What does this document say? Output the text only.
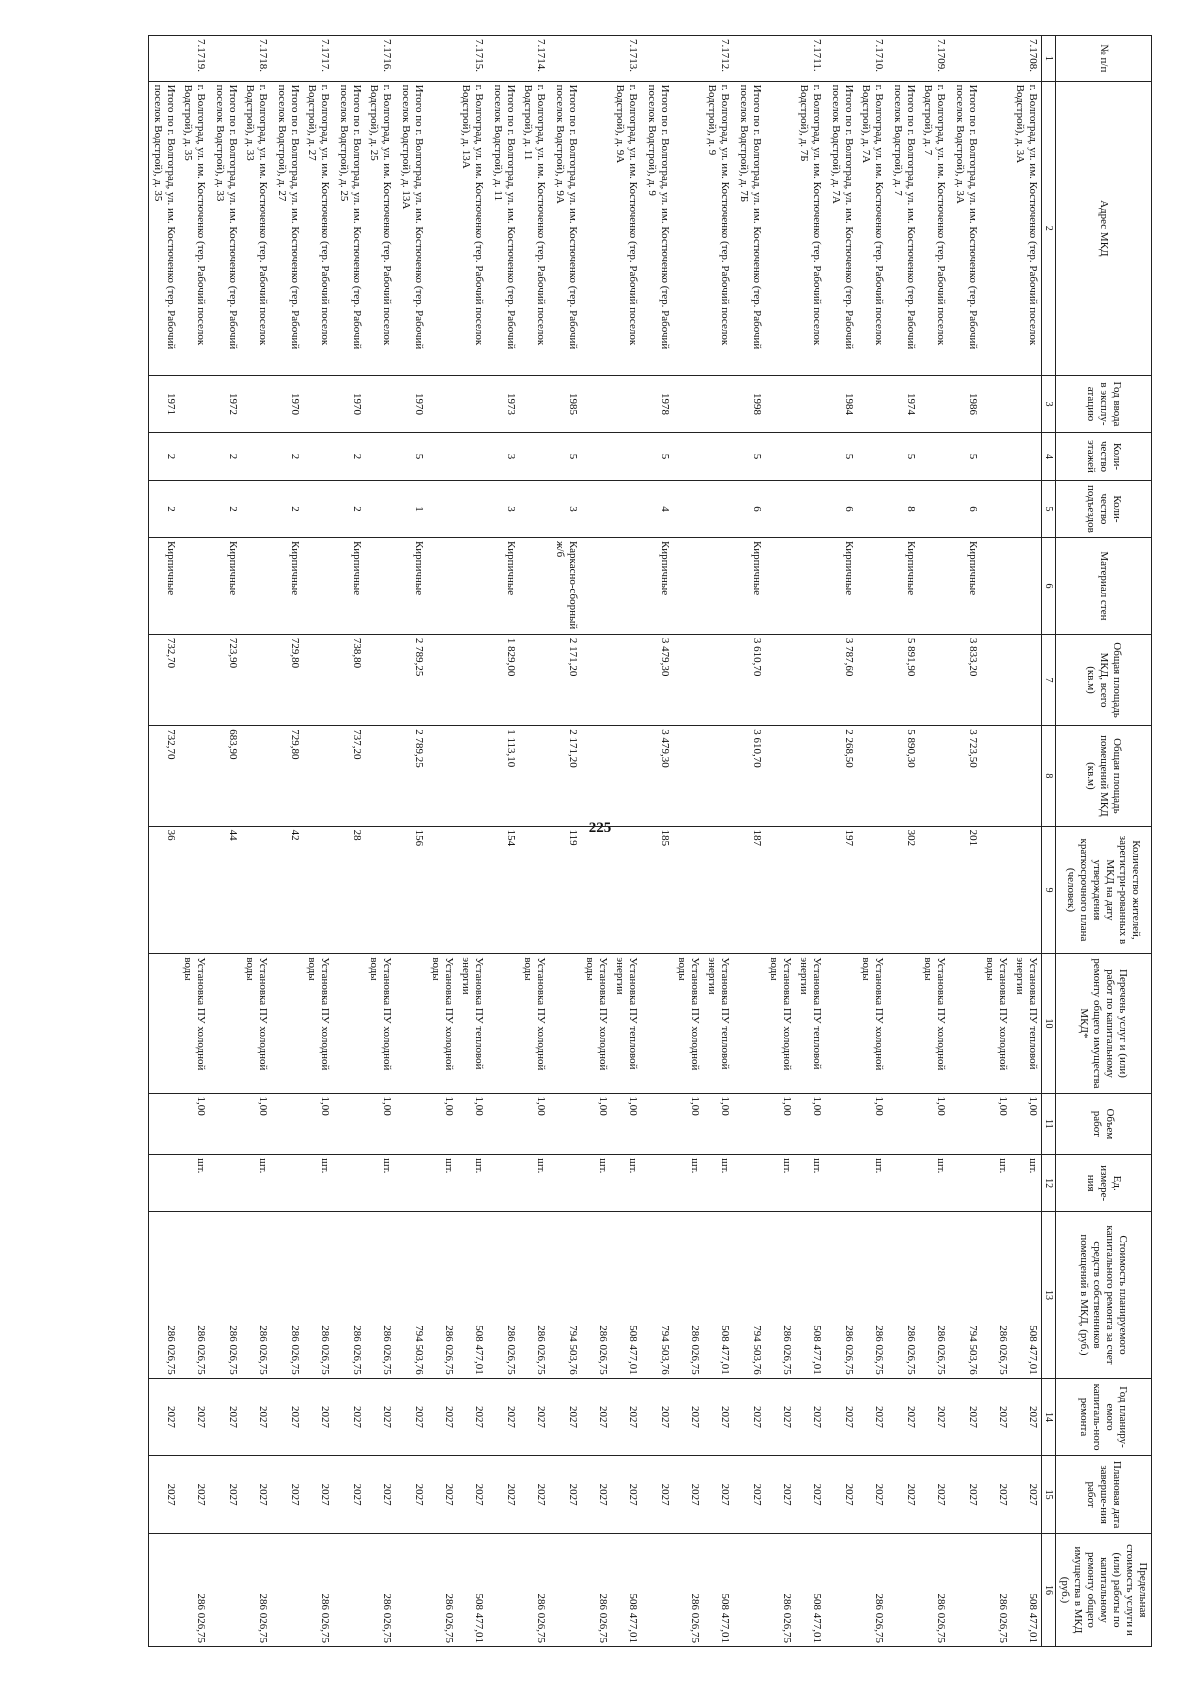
225
№ п/п	Адрес МКД	Год ввода в эксплу-атацию	Коли-чество этажей	Коли-чество подъездов	Материал стен	Общая площадь МКД, всего (кв.м)	Общая площадь помещений МКД (кв.м)	Количество жителей, зарегистри-рованных в МКД на дату утверждения краткосрочного плана (человек)	Перечень услуг и (или) работ по капитальному ремонту общего имущества МКД*	Объем работ	Ед. измере-ния	Стоимость планируемого капитального ремонта за счет средств собственников помещений в МКД, (руб.)	Год планиру-емого капиталь-ного ремонта	Плановая дата заверше-ния работ	Предельная стоимость услуги и (или) работы по капитальному ремонту общего имущества в МКД (руб.)
1	2	3	4	5	6	7	8	9	10	11	12	13	14	15	16
7.1708.	г. Волгоград, ул. им. Костюченко (тер. Рабочий поселок Водстрой), д. 3А								Установка ПУ тепловой энергии	1,00	шт.	508 477,01	2027	2027	508 477,01
									Установка ПУ холодной воды	1,00	шт.	286 026,75	2027	2027	286 026,75
	Итого по г. Волгоград, ул. им. Костюченко (тер. Рабочий поселок Водстрой), д. 3А	1986	5	6	Кирпичные	3 833,20	3 723,50	201				794 503,76	2027	2027	
7.1709.	г. Волгоград, ул. им. Костюченко (тер. Рабочий поселок Водстрой), д. 7								Установка ПУ холодной воды	1,00	шт.	286 026,75	2027	2027	286 026,75
	Итого по г. Волгоград, ул. им. Костюченко (тер. Рабочий поселок Водстрой), д. 7	1974	5	8	Кирпичные	5 891,90	5 890,30	302				286 026,75	2027	2027	
7.1710.	г. Волгоград, ул. им. Костюченко (тер. Рабочий поселок Водстрой), д. 7А								Установка ПУ холодной воды	1,00	шт.	286 026,75	2027	2027	286 026,75
	Итого по г. Волгоград, ул. им. Костюченко (тер. Рабочий поселок Водстрой), д. 7А	1984	5	6	Кирпичные	3 787,60	2 268,50	197				286 026,75	2027	2027	
7.1711.	г. Волгоград, ул. им. Костюченко (тер. Рабочий поселок Водстрой), д. 7Б								Установка ПУ тепловой энергии	1,00	шт.	508 477,01	2027	2027	508 477,01
									Установка ПУ холодной воды	1,00	шт.	286 026,75	2027	2027	286 026,75
	Итого по г. Волгоград, ул. им. Костюченко (тер. Рабочий поселок Водстрой), д. 7Б	1998	5	6	Кирпичные	3 610,70	3 610,70	187				794 503,76	2027	2027	
7.1712.	г. Волгоград, ул. им. Костюченко (тер. Рабочий поселок Водстрой), д. 9								Установка ПУ тепловой энергии	1,00	шт.	508 477,01	2027	2027	508 477,01
									Установка ПУ холодной воды	1,00	шт.	286 026,75	2027	2027	286 026,75
	Итого по г. Волгоград, ул. им. Костюченко (тер. Рабочий поселок Водстрой), д. 9	1978	5	4	Кирпичные	3 479,30	3 479,30	185				794 503,76	2027	2027	
7.1713.	г. Волгоград, ул. им. Костюченко (тер. Рабочий поселок Водстрой), д. 9А								Установка ПУ тепловой энергии	1,00	шт.	508 477,01	2027	2027	508 477,01
									Установка ПУ холодной воды	1,00	шт.	286 026,75	2027	2027	286 026,75
	Итого по г. Волгоград, ул. им. Костюченко (тер. Рабочий поселок Водстрой), д. 9А	1985	5	3	Каркасно-сборный ж/б	2 171,20	2 171,20	119				794 503,76	2027	2027	
7.1714.	г. Волгоград, ул. им. Костюченко (тер. Рабочий поселок Водстрой), д. 11								Установка ПУ холодной воды	1,00	шт.	286 026,75	2027	2027	286 026,75
	Итого по г. Волгоград, ул. им. Костюченко (тер. Рабочий поселок Водстрой), д. 11	1973	3	3	Кирпичные	1 829,00	1 113,10	154				286 026,75	2027	2027	
7.1715.	г. Волгоград, ул. им. Костюченко (тер. Рабочий поселок Водстрой), д. 13А								Установка ПУ тепловой энергии	1,00	шт.	508 477,01	2027	2027	508 477,01
									Установка ПУ холодной воды	1,00	шт.	286 026,75	2027	2027	286 026,75
	Итого по г. Волгоград, ул. им. Костюченко (тер. Рабочий поселок Водстрой), д. 13А	1970	5	1	Кирпичные	2 789,25	2 789,25	156				794 503,76	2027	2027	
7.1716.	г. Волгоград, ул. им. Костюченко (тер. Рабочий поселок Водстрой), д. 25								Установка ПУ холодной воды	1,00	шт.	286 026,75	2027	2027	286 026,75
	Итого по г. Волгоград, ул. им. Костюченко (тер. Рабочий поселок Водстрой), д. 25	1970	2	2	Кирпичные	738,80	737,20	28				286 026,75	2027	2027	
7.1717.	г. Волгоград, ул. им. Костюченко (тер. Рабочий поселок Водстрой), д. 27								Установка ПУ холодной воды	1,00	шт.	286 026,75	2027	2027	286 026,75
	Итого по г. Волгоград, ул. им. Костюченко (тер. Рабочий поселок Водстрой), д. 27	1970	2	2	Кирпичные	729,80	729,80	42				286 026,75	2027	2027	
7.1718.	г. Волгоград, ул. им. Костюченко (тер. Рабочий поселок Водстрой), д. 33								Установка ПУ холодной воды	1,00	шт.	286 026,75	2027	2027	286 026,75
	Итого по г. Волгоград, ул. им. Костюченко (тер. Рабочий поселок Водстрой), д. 33	1972	2	2	Кирпичные	723,90	683,90	44				286 026,75	2027	2027	
7.1719.	г. Волгоград, ул. им. Костюченко (тер. Рабочий поселок Водстрой), д. 35								Установка ПУ холодной воды	1,00	шт.	286 026,75	2027	2027	286 026,75
	Итого по г. Волгоград, ул. им. Костюченко (тер. Рабочий поселок Водстрой), д. 35	1971	2	2	Кирпичные	732,70	732,70	36				286 026,75	2027	2027	
